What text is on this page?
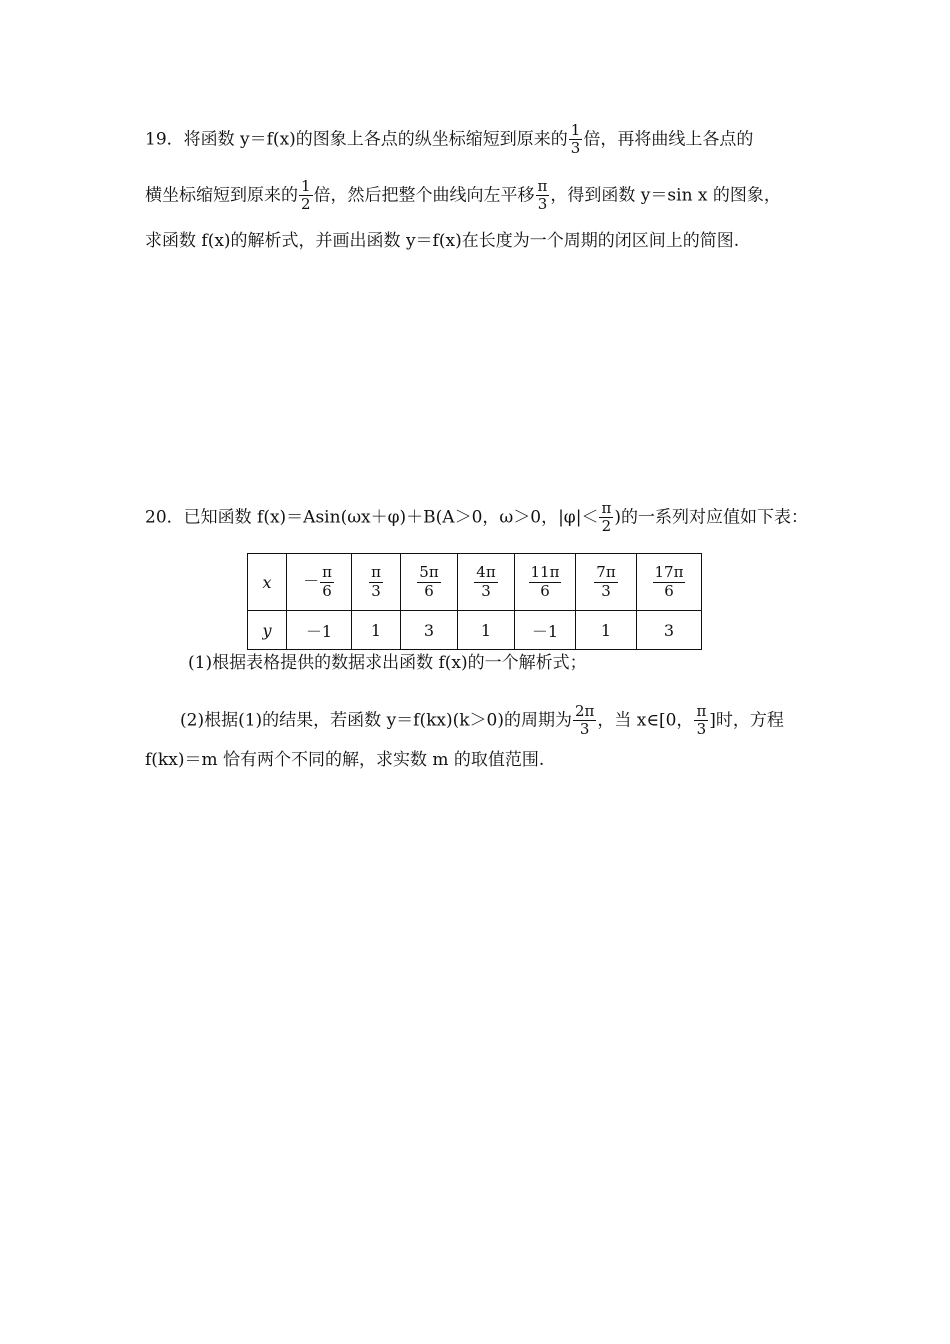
19．将函数 y＝f(x)的图象上各点的纵坐标缩短到原来的 $\frac{1}{3}$ 倍，再将曲线上各点的
横坐标缩短到原来的 $\frac{1}{2}$ 倍，然后把整个曲线向左平移 $\frac{\pi}{3}$ ，得到函数 y＝sin x 的图象，
求函数 f(x)的解析式，并画出函数 y＝f(x)在长度为一个周期的闭区间上的简图.
20．已知函数 f(x)＝Asin(ωx＋φ)＋B(A＞0，ω＞0，$|\varphi|< \frac{\pi}{2}$ )的一系列对应值如下表：
x	－ $\frac{\pi}{6}$	$\frac{\pi}{3}$	$\frac{5\pi}{6}$	$\frac{4\pi}{3}$	$\frac{11\pi}{6}$	$\frac{7\pi}{3}$	$\frac{17\pi}{6}$

y	－1	1	3	1	－1	1	3
(1)根据表格提供的数据求出函数 f(x)的一个解析式；
(2)根据(1)的结果，若函数 y＝f(kx)(k＞0)的周期为 $\frac{2\pi}{3}$ ，当 x∈[0， $\frac{\pi}{3}$ ]时，方程
f(kx)＝m 恰有两个不同的解，求实数 m 的取值范围.
